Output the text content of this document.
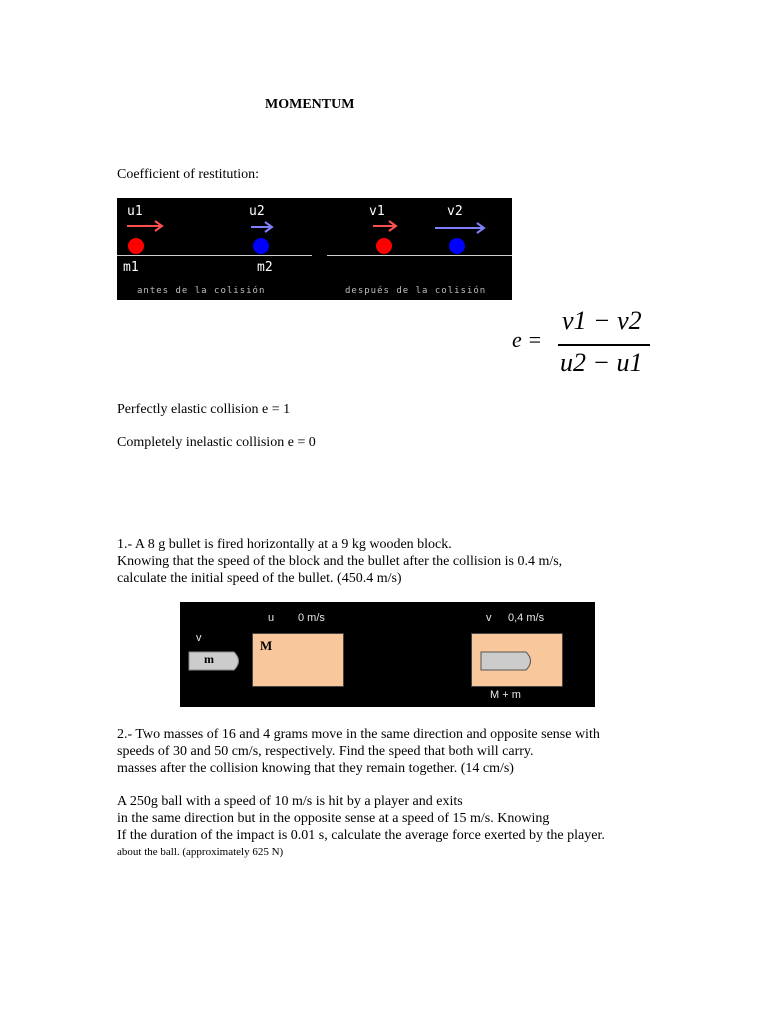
MOMENTUM
Coefficient of restitution:
u1	u2
m1	m2
antes de la colisión
v1	v2
después de la colisión
e =
v1 − v2
u2 − u1
Perfectly elastic collision e = 1
Completely inelastic collision e = 0
1.- A 8 g bullet is fired horizontally at a 9 kg wooden block.
Knowing that the speed of the block and the bullet after the collision is 0.4 m/s,
calculate the initial speed of the bullet. (450.4 m/s)
u 0 m/s
v
m
M
v 0,4 m/s
M + m
2.- Two masses of 16 and 4 grams move in the same direction and opposite sense with
speeds of 30 and 50 cm/s, respectively. Find the speed that both will carry.
masses after the collision knowing that they remain together. (14 cm/s)
A 250g ball with a speed of 10 m/s is hit by a player and exits
in the same direction but in the opposite sense at a speed of 15 m/s. Knowing
If the duration of the impact is 0.01 s, calculate the average force exerted by the player.
about the ball. (approximately 625 N)
